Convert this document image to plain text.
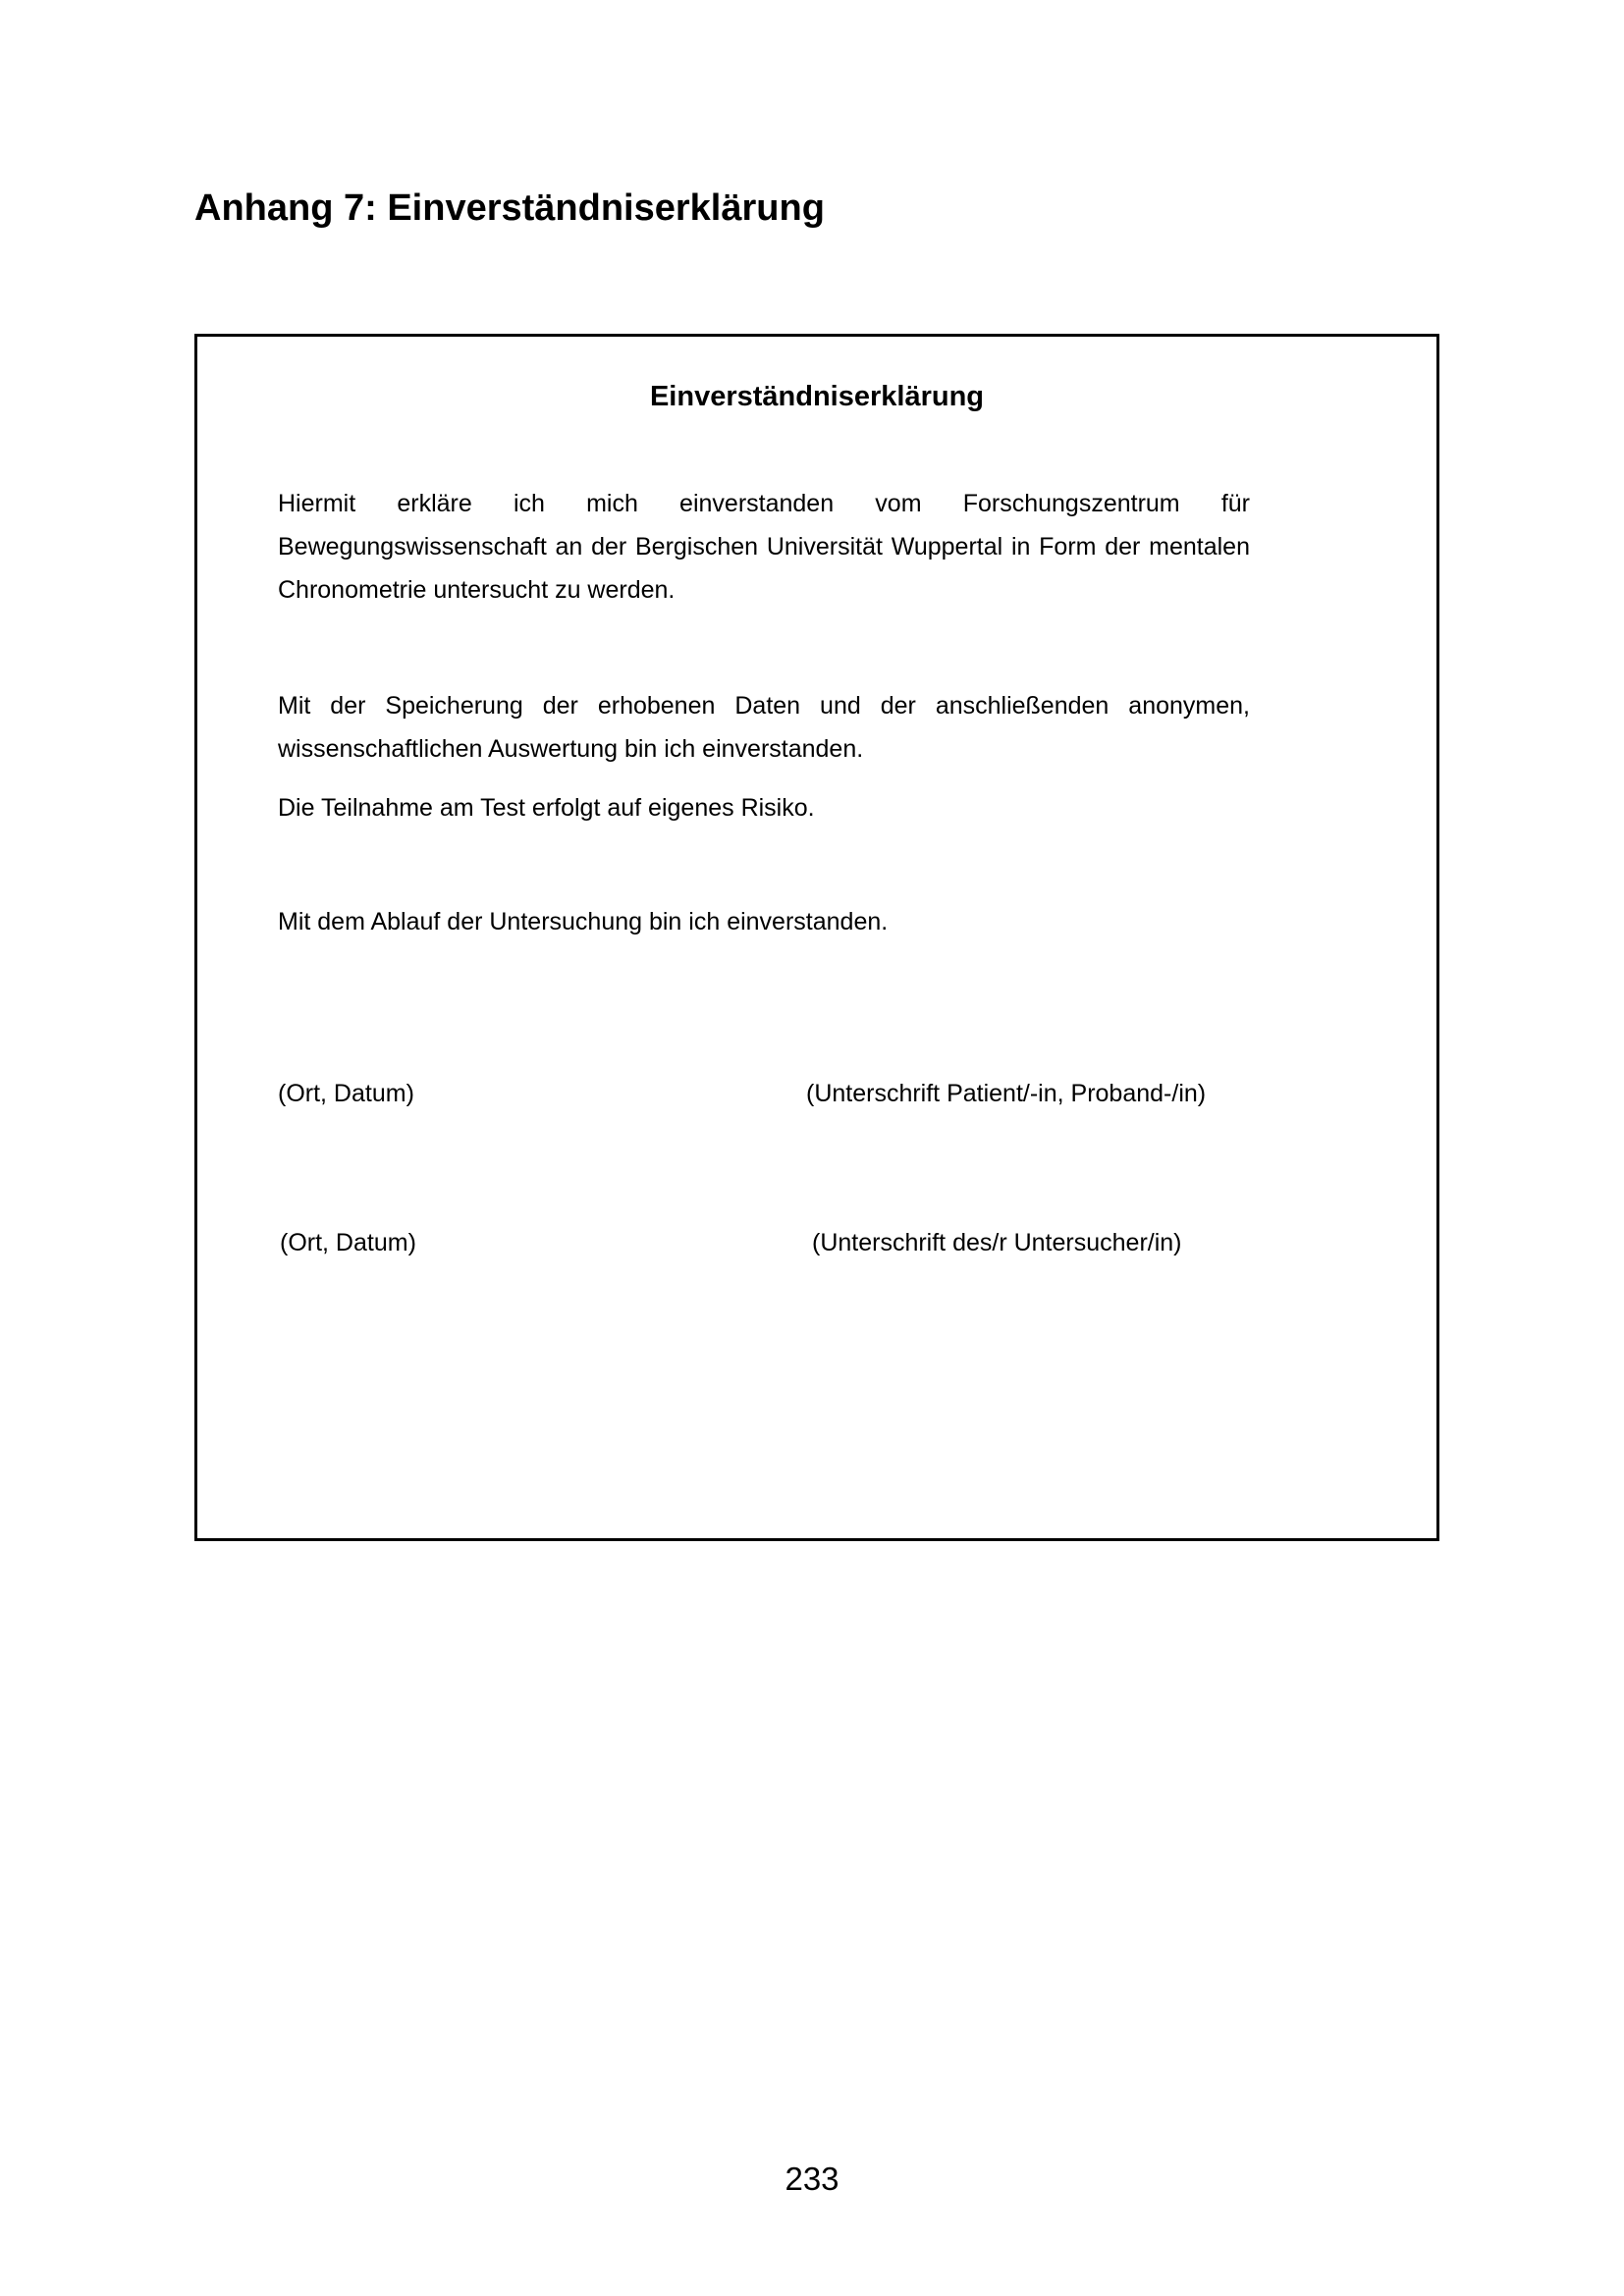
Anhang 7: Einverständniserklärung
Einverständniserklärung

Hiermit erkläre ich mich einverstanden vom Forschungszentrum für Bewegungswissenschaft an der Bergischen Universität Wuppertal in Form der mentalen Chronometrie untersucht zu werden.

Mit der Speicherung der erhobenen Daten und der anschließenden anonymen, wissenschaftlichen Auswertung bin ich einverstanden.

Die Teilnahme am Test erfolgt auf eigenes Risiko.

Mit dem Ablauf der Untersuchung bin ich einverstanden.

(Ort, Datum)	(Unterschrift Patient/-in, Proband-/in)
(Ort, Datum)	(Unterschrift des/r Untersucher/in)

233
